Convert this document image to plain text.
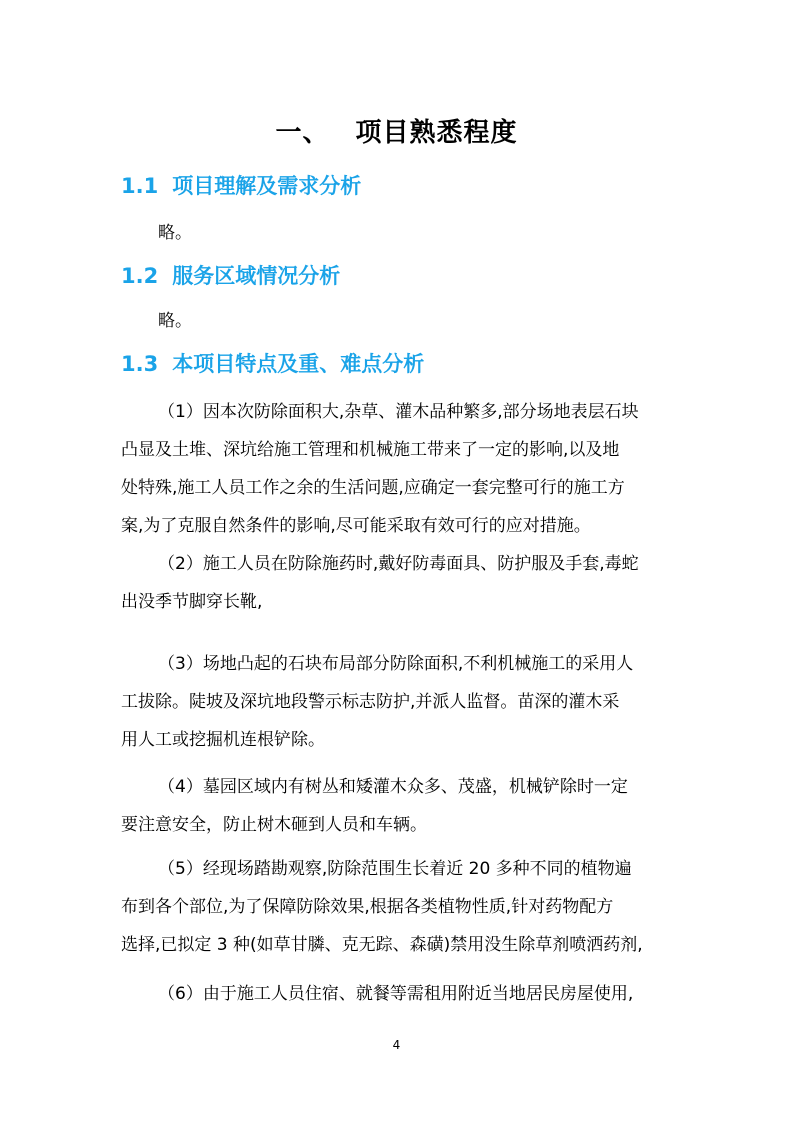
一、 项目熟悉程度
1.1 项目理解及需求分析
略。
1.2 服务区域情况分析
略。
1.3 本项目特点及重、难点分析
（1）因本次防除面积大,杂草、灌木品种繁多,部分场地表层石块
凸显及土堆、深坑给施工管理和机械施工带来了一定的影响,以及地
处特殊,施工人员工作之余的生活问题,应确定一套完整可行的施工方
案,为了克服自然条件的影响,尽可能采取有效可行的应对措施。
（2）施工人员在防除施药时,戴好防毒面具、防护服及手套,毒蛇
出没季节脚穿长靴,
（3）场地凸起的石块布局部分防除面积,不利机械施工的采用人
工拔除。陡坡及深坑地段警示标志防护,并派人监督。苗深的灌木采
用人工或挖掘机连根铲除。
（4）墓园区域内有树丛和矮灌木众多、茂盛，机械铲除时一定
要注意安全，防止树木砸到人员和车辆。
（5）经现场踏勘观察,防除范围生长着近 20 多种不同的植物遍
布到各个部位,为了保障防除效果,根据各类植物性质,针对药物配方
选择,已拟定 3 种(如草甘膦、克无踪、森磺)禁用没生除草剂喷洒药剂,
（6）由于施工人员住宿、就餐等需租用附近当地居民房屋使用,
4
